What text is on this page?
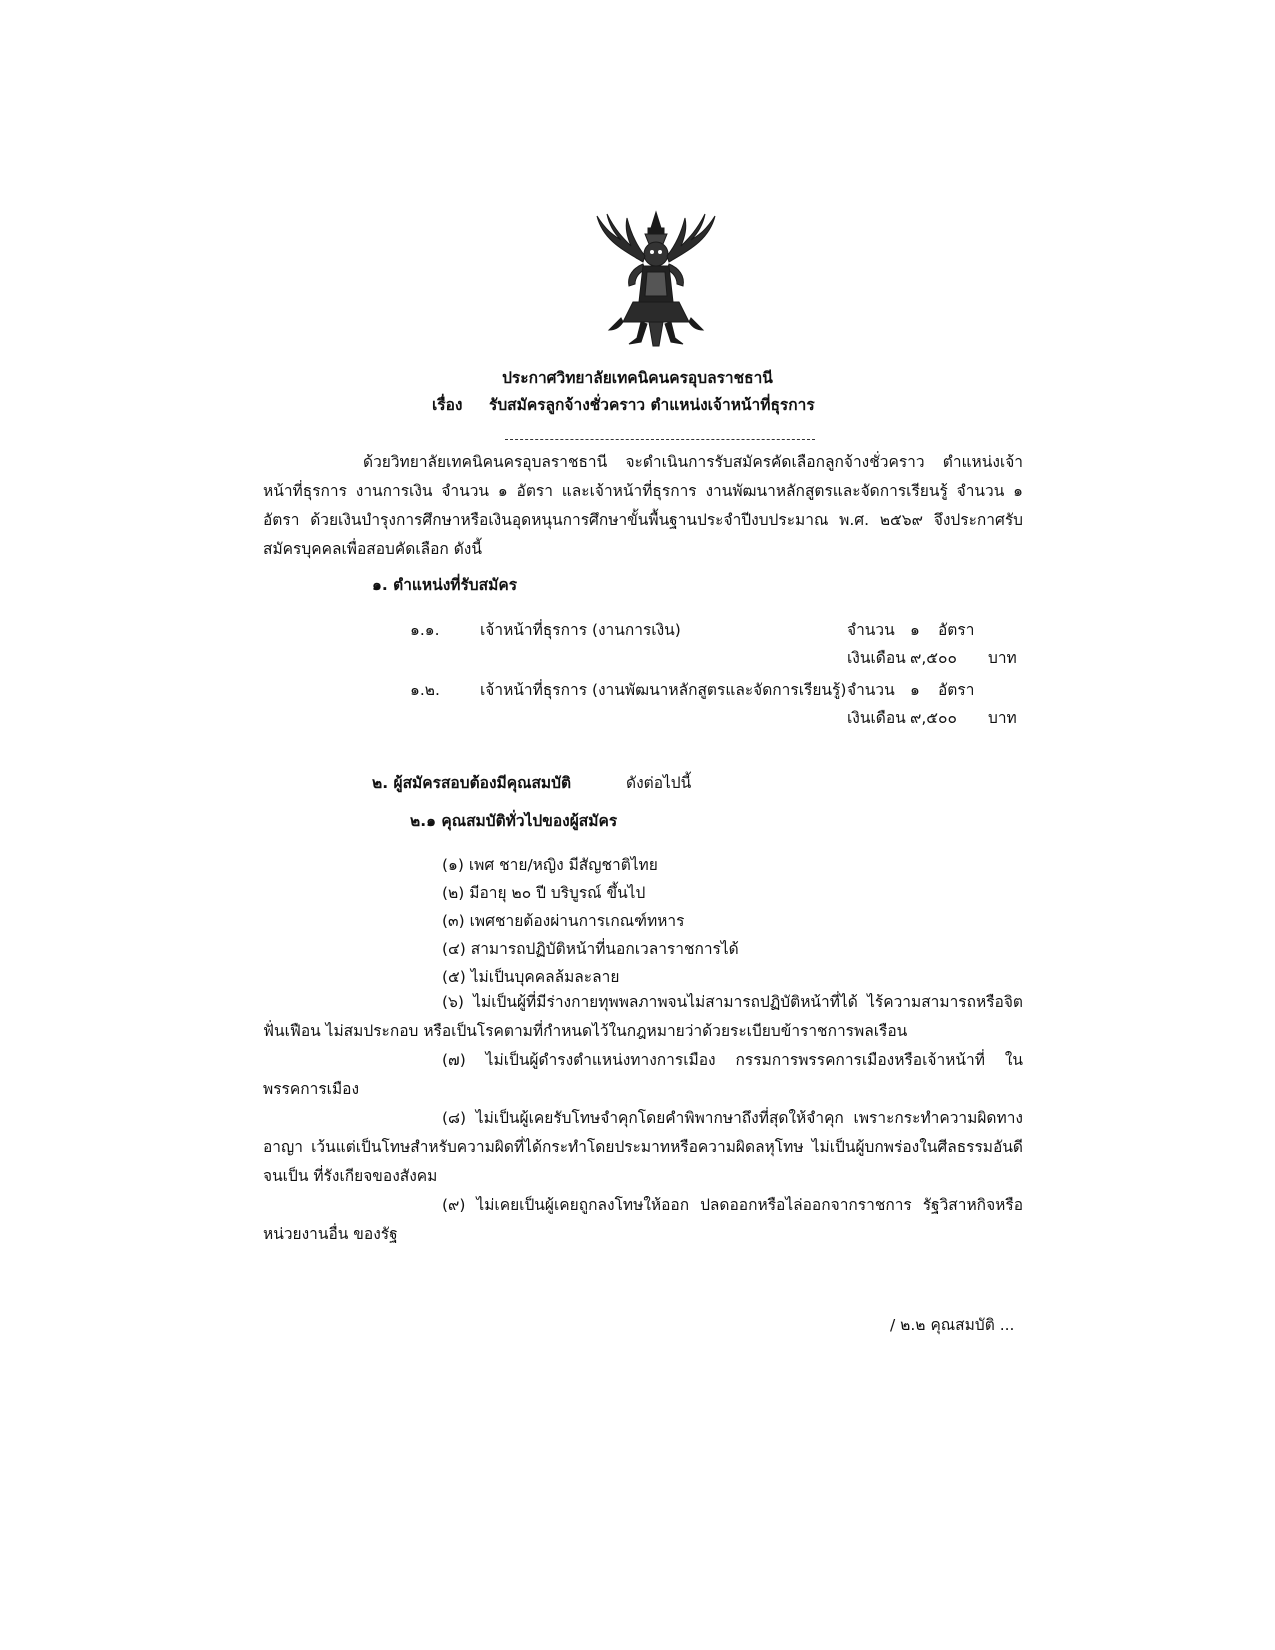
ประกาศวิทยาลัยเทคนิคนครอุบลราชธานี
เรื่อง รับสมัครลูกจ้างชั่วคราว ตำแหน่งเจ้าหน้าที่ธุรการ
ด้วยวิทยาลัยเทคนิคนครอุบลราชธานี จะดำเนินการรับสมัครคัดเลือกลูกจ้างชั่วคราว ตำแหน่งเจ้าหน้าที่ธุรการ งานการเงิน จำนวน ๑ อัตรา และเจ้าหน้าที่ธุรการ งานพัฒนาหลักสูตรและจัดการเรียนรู้ จำนวน ๑ อัตรา ด้วยเงินบำรุงการศึกษาหรือเงินอุดหนุนการศึกษาขั้นพื้นฐานประจำปีงบประมาณ พ.ศ. ๒๕๖๙ จึงประกาศรับสมัครบุคคลเพื่อสอบคัดเลือก ดังนี้
๑. ตำแหน่งที่รับสมัคร
๑.๑.	เจ้าหน้าที่ธุรการ (งานการเงิน)	จำนวน ๑ อัตรา
เงินเดือน ๙,๕๐๐ บาท
๑.๒.	เจ้าหน้าที่ธุรการ (งานพัฒนาหลักสูตรและจัดการเรียนรู้) จำนวน ๑ อัตรา
เงินเดือน ๙,๕๐๐ บาท
๒. ผู้สมัครสอบต้องมีคุณสมบัติ	ดังต่อไปนี้
๒.๑ คุณสมบัติทั่วไปของผู้สมัคร
(๑) เพศ ชาย/หญิง มีสัญชาติไทย
(๒) มีอายุ ๒๐ ปี บริบูรณ์ ขึ้นไป
(๓) เพศชายต้องผ่านการเกณฑ์ทหาร
(๔) สามารถปฏิบัติหน้าที่นอกเวลาราชการได้
(๕) ไม่เป็นบุคคลล้มละลาย
(๖) ไม่เป็นผู้ที่มีร่างกายทุพพลภาพจนไม่สามารถปฏิบัติหน้าที่ได้ ไร้ความสามารถหรือจิตฟั่นเฟือน ไม่สมประกอบ หรือเป็นโรคตามที่กำหนดไว้ในกฎหมายว่าด้วยระเบียบข้าราชการพลเรือน
(๗) ไม่เป็นผู้ดำรงตำแหน่งทางการเมือง กรรมการพรรคการเมืองหรือเจ้าหน้าที่ ในพรรคการเมือง
(๘) ไม่เป็นผู้เคยรับโทษจำคุกโดยคำพิพากษาถึงที่สุดให้จำคุก เพราะกระทำความผิดทางอาญา เว้นแต่เป็นโทษสำหรับความผิดที่ได้กระทำโดยประมาทหรือความผิดลหุโทษ ไม่เป็นผู้บกพร่องในศีลธรรมอันดีจนเป็น ที่รังเกียจของสังคม
(๙) ไม่เคยเป็นผู้เคยถูกลงโทษให้ออก ปลดออกหรือไล่ออกจากราชการ รัฐวิสาหกิจหรือหน่วยงานอื่น ของรัฐ
/ ๒.๒ คุณสมบัติ ...
